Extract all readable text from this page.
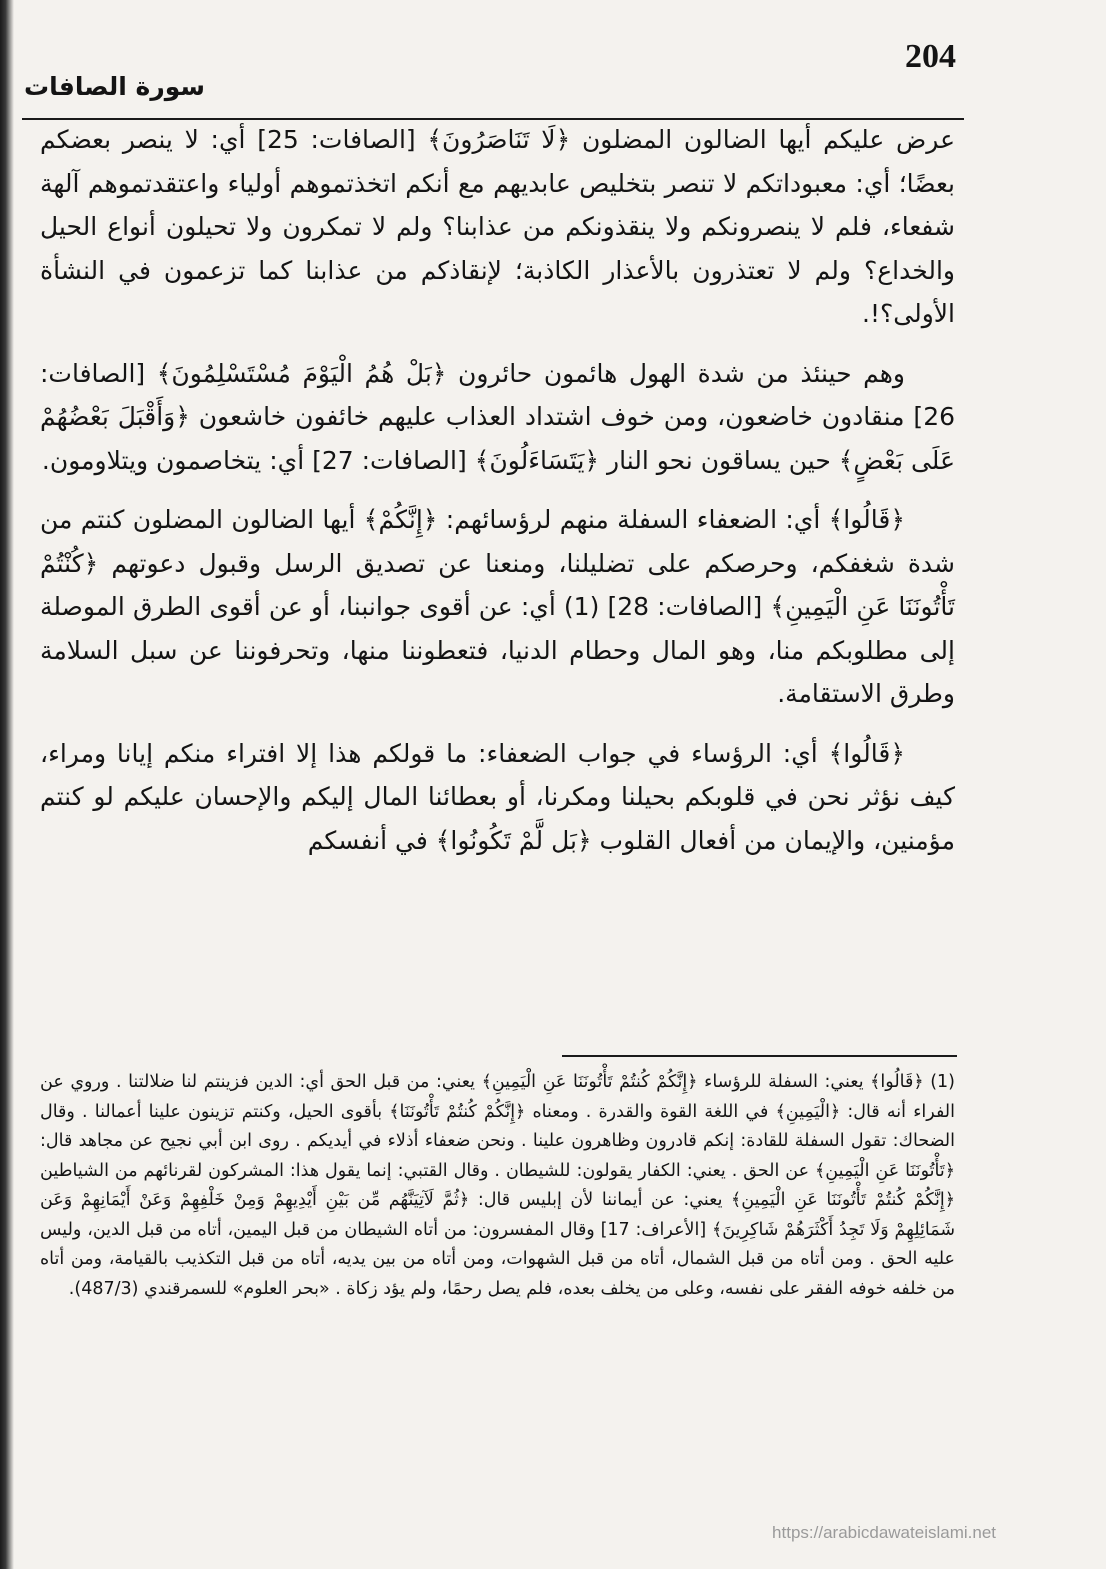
204
سورة الصافات

عرض عليكم أيها الضالون المضلون ﴿لَا تَنَاصَرُونَ﴾ [الصافات: 25] أي: لا ينصر بعضكم بعضًا؛ أي: معبوداتكم لا تنصر بتخليص عابديهم مع أنكم اتخذتموهم أولياء واعتقدتموهم آلهة شفعاء، فلم لا ينصرونكم ولا ينقذونكم من عذابنا؟ ولم لا تمكرون ولا تحيلون أنواع الحيل والخداع؟ ولم لا تعتذرون بالأعذار الكاذبة؛ لإنقاذكم من عذابنا كما تزعمون في النشأة الأولى؟!.

وهم حينئذ من شدة الهول هائمون حائرون ﴿بَلْ هُمُ الْيَوْمَ مُسْتَسْلِمُونَ﴾ [الصافات: 26] منقادون خاضعون، ومن خوف اشتداد العذاب عليهم خائفون خاشعون ﴿وَأَقْبَلَ بَعْضُهُمْ عَلَى بَعْضٍ﴾ حين يساقون نحو النار ﴿يَتَسَاءَلُونَ﴾ [الصافات: 27] أي: يتخاصمون ويتلاومون.

﴿قَالُوا﴾ أي: الضعفاء السفلة منهم لرؤسائهم: ﴿إِنَّكُمْ﴾ أيها الضالون المضلون كنتم من شدة شغفكم، وحرصكم على تضليلنا، ومنعنا عن تصديق الرسل وقبول دعوتهم ﴿كُنْتُمْ تَأْتُونَنَا عَنِ الْيَمِينِ﴾ [الصافات: 28] (1) أي: عن أقوى جوانبنا، أو عن أقوى الطرق الموصلة إلى مطلوبكم منا، وهو المال وحطام الدنيا، فتعطوننا منها، وتحرفوننا عن سبل السلامة وطرق الاستقامة.

﴿قَالُوا﴾ أي: الرؤساء في جواب الضعفاء: ما قولكم هذا إلا افتراء منكم إيانا ومراء، كيف نؤثر نحن في قلوبكم بحيلنا ومكرنا، أو بعطائنا المال إليكم والإحسان عليكم لو كنتم مؤمنين، والإيمان من أفعال القلوب ﴿بَل لَّمْ تَكُونُوا﴾ في أنفسكم

(1) ﴿قَالُوا﴾ يعني: السفلة للرؤساء ﴿إِنَّكُمْ كُنتُمْ تَأْتُونَنَا عَنِ الْيَمِينِ﴾ يعني: من قبل الحق أي: الدين فزينتم لنا ضلالتنا . وروي عن الفراء أنه قال: ﴿الْيَمِينِ﴾ في اللغة القوة والقدرة . ومعناه ﴿إِنَّكُمْ كُنتُمْ تَأْتُونَنَا﴾ بأقوى الحيل، وكنتم تزينون علينا أعمالنا . وقال الضحاك: تقول السفلة للقادة: إنكم قادرون وظاهرون علينا . ونحن ضعفاء أذلاء في أيديكم . روى ابن أبي نجيح عن مجاهد قال: ﴿تَأْتُونَنَا عَنِ الْيَمِينِ﴾ عن الحق . يعني: الكفار يقولون: للشيطان . وقال القتبي: إنما يقول هذا: المشركون لقرنائهم من الشياطين ﴿إِنَّكُمْ كُنتُمْ تَأْتُونَنَا عَنِ الْيَمِينِ﴾ يعني: عن أيماننا لأن إبليس قال: ﴿ثُمَّ لَآتِيَنَّهُم مِّن بَيْنِ أَيْدِيهِمْ وَمِنْ خَلْفِهِمْ وَعَنْ أَيْمَانِهِمْ وَعَن شَمَائِلِهِمْ وَلَا تَجِدُ أَكْثَرَهُمْ شَاكِرِينَ﴾ [الأعراف: 17] وقال المفسرون: من أتاه الشيطان من قبل اليمين، أتاه من قبل الدين، وليس عليه الحق . ومن أتاه من قبل الشمال، أتاه من قبل الشهوات، ومن أتاه من بين يديه، أتاه من قبل التكذيب بالقيامة، ومن أتاه من خلفه خوفه الفقر على نفسه، وعلى من يخلف بعده، فلم يصل رحمًا، ولم يؤد زكاة . «بحر العلوم» للسمرقندي (487/3).

https://arabicdawateislami.net
